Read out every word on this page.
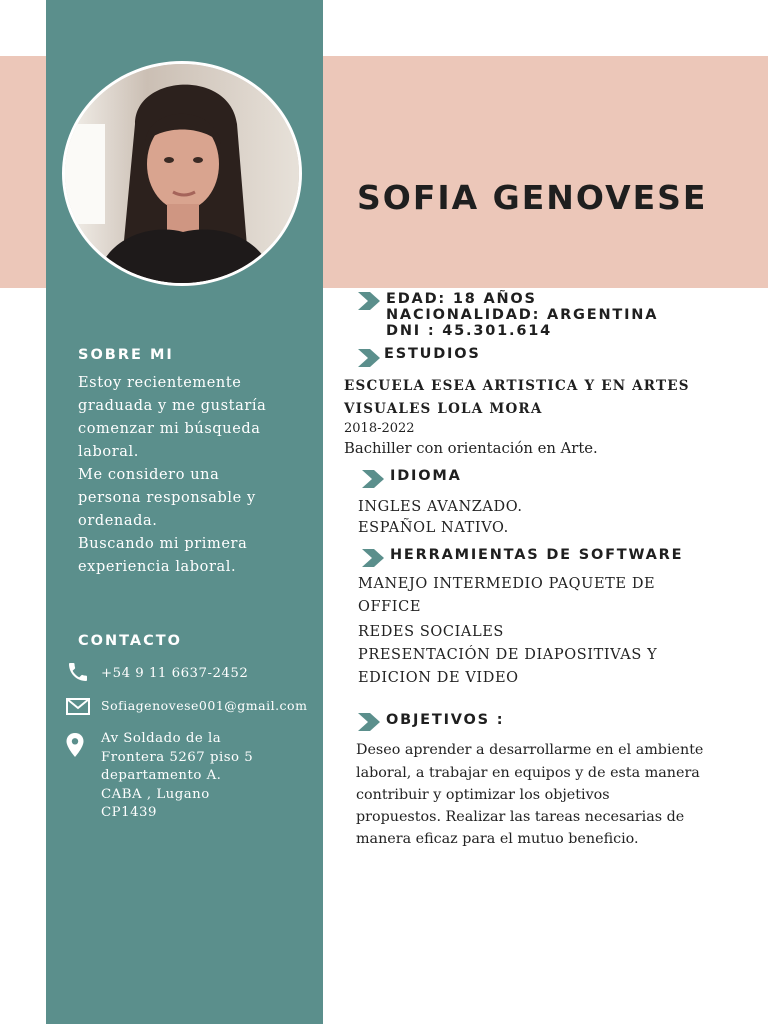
SOFIA GENOVESE
SOBRE MI
Estoy recientemente
graduada y me gustaría
comenzar mi búsqueda
laboral.
Me considero una
persona responsable y
ordenada.
Buscando mi primera
experiencia laboral.
CONTACTO
+54 9 11 6637-2452
Sofiagenovese001@gmail.com
Av Soldado de la
Frontera 5267 piso 5
departamento A.
CABA , Lugano
CP1439
EDAD: 18 AÑOS
NACIONALIDAD: ARGENTINA
DNI : 45.301.614
ESTUDIOS
ESCUELA ESEA ARTISTICA Y EN ARTES
VISUALES LOLA MORA
2018-2022
Bachiller con orientación en Arte.
IDIOMA
INGLES AVANZADO.
ESPAÑOL NATIVO.
HERRAMIENTAS DE SOFTWARE
MANEJO INTERMEDIO PAQUETE DE
OFFICE
REDES SOCIALES
PRESENTACIÓN DE DIAPOSITIVAS Y
EDICION DE VIDEO
OBJETIVOS :
Deseo aprender a desarrollarme en el ambiente
laboral, a trabajar en equipos y de esta manera
contribuir y optimizar los objetivos
propuestos. Realizar las tareas necesarias de
manera eficaz para el mutuo beneficio.
